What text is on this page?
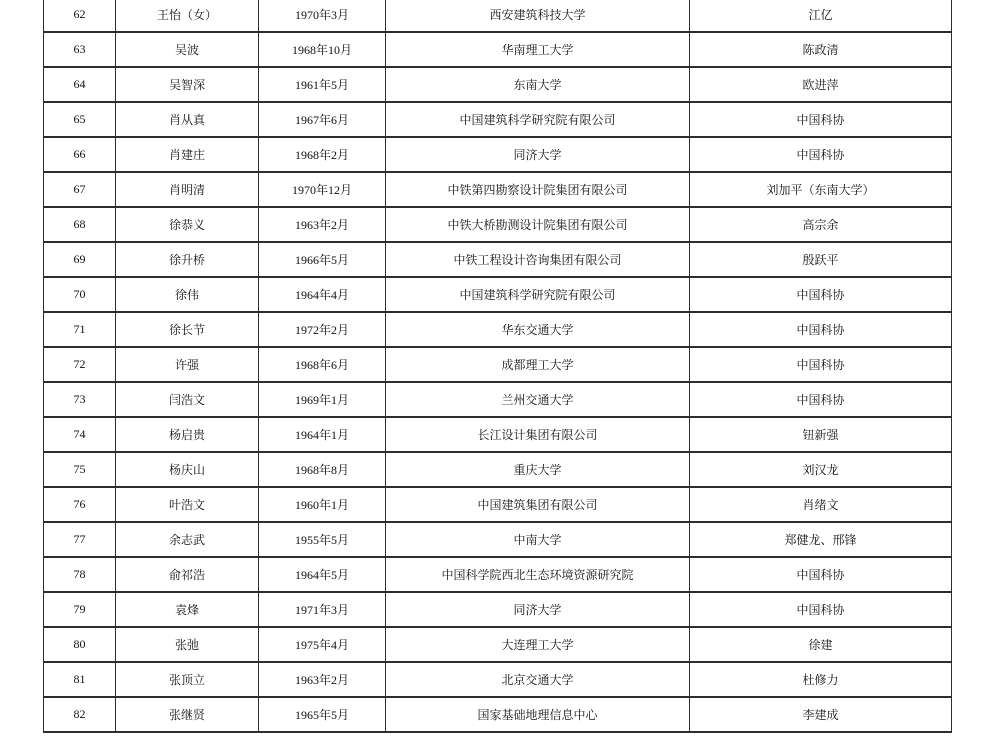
62	王怡（女）	1970年3月	西安建筑科技大学	江亿
63	吴波	1968年10月	华南理工大学	陈政清
64	吴智深	1961年5月	东南大学	欧进萍
65	肖从真	1967年6月	中国建筑科学研究院有限公司	中国科协
66	肖建庄	1968年2月	同济大学	中国科协
67	肖明清	1970年12月	中铁第四勘察设计院集团有限公司	刘加平（东南大学）
68	徐恭义	1963年2月	中铁大桥勘测设计院集团有限公司	高宗余
69	徐升桥	1966年5月	中铁工程设计咨询集团有限公司	殷跃平
70	徐伟	1964年4月	中国建筑科学研究院有限公司	中国科协
71	徐长节	1972年2月	华东交通大学	中国科协
72	许强	1968年6月	成都理工大学	中国科协
73	闫浩文	1969年1月	兰州交通大学	中国科协
74	杨启贵	1964年1月	长江设计集团有限公司	钮新强
75	杨庆山	1968年8月	重庆大学	刘汉龙
76	叶浩文	1960年1月	中国建筑集团有限公司	肖绪文
77	余志武	1955年5月	中南大学	郑健龙、邢锋
78	俞祁浩	1964年5月	中国科学院西北生态环境资源研究院	中国科协
79	袁烽	1971年3月	同济大学	中国科协
80	张弛	1975年4月	大连理工大学	徐建
81	张顶立	1963年2月	北京交通大学	杜修力
82	张继贤	1965年5月	国家基础地理信息中心	李建成
